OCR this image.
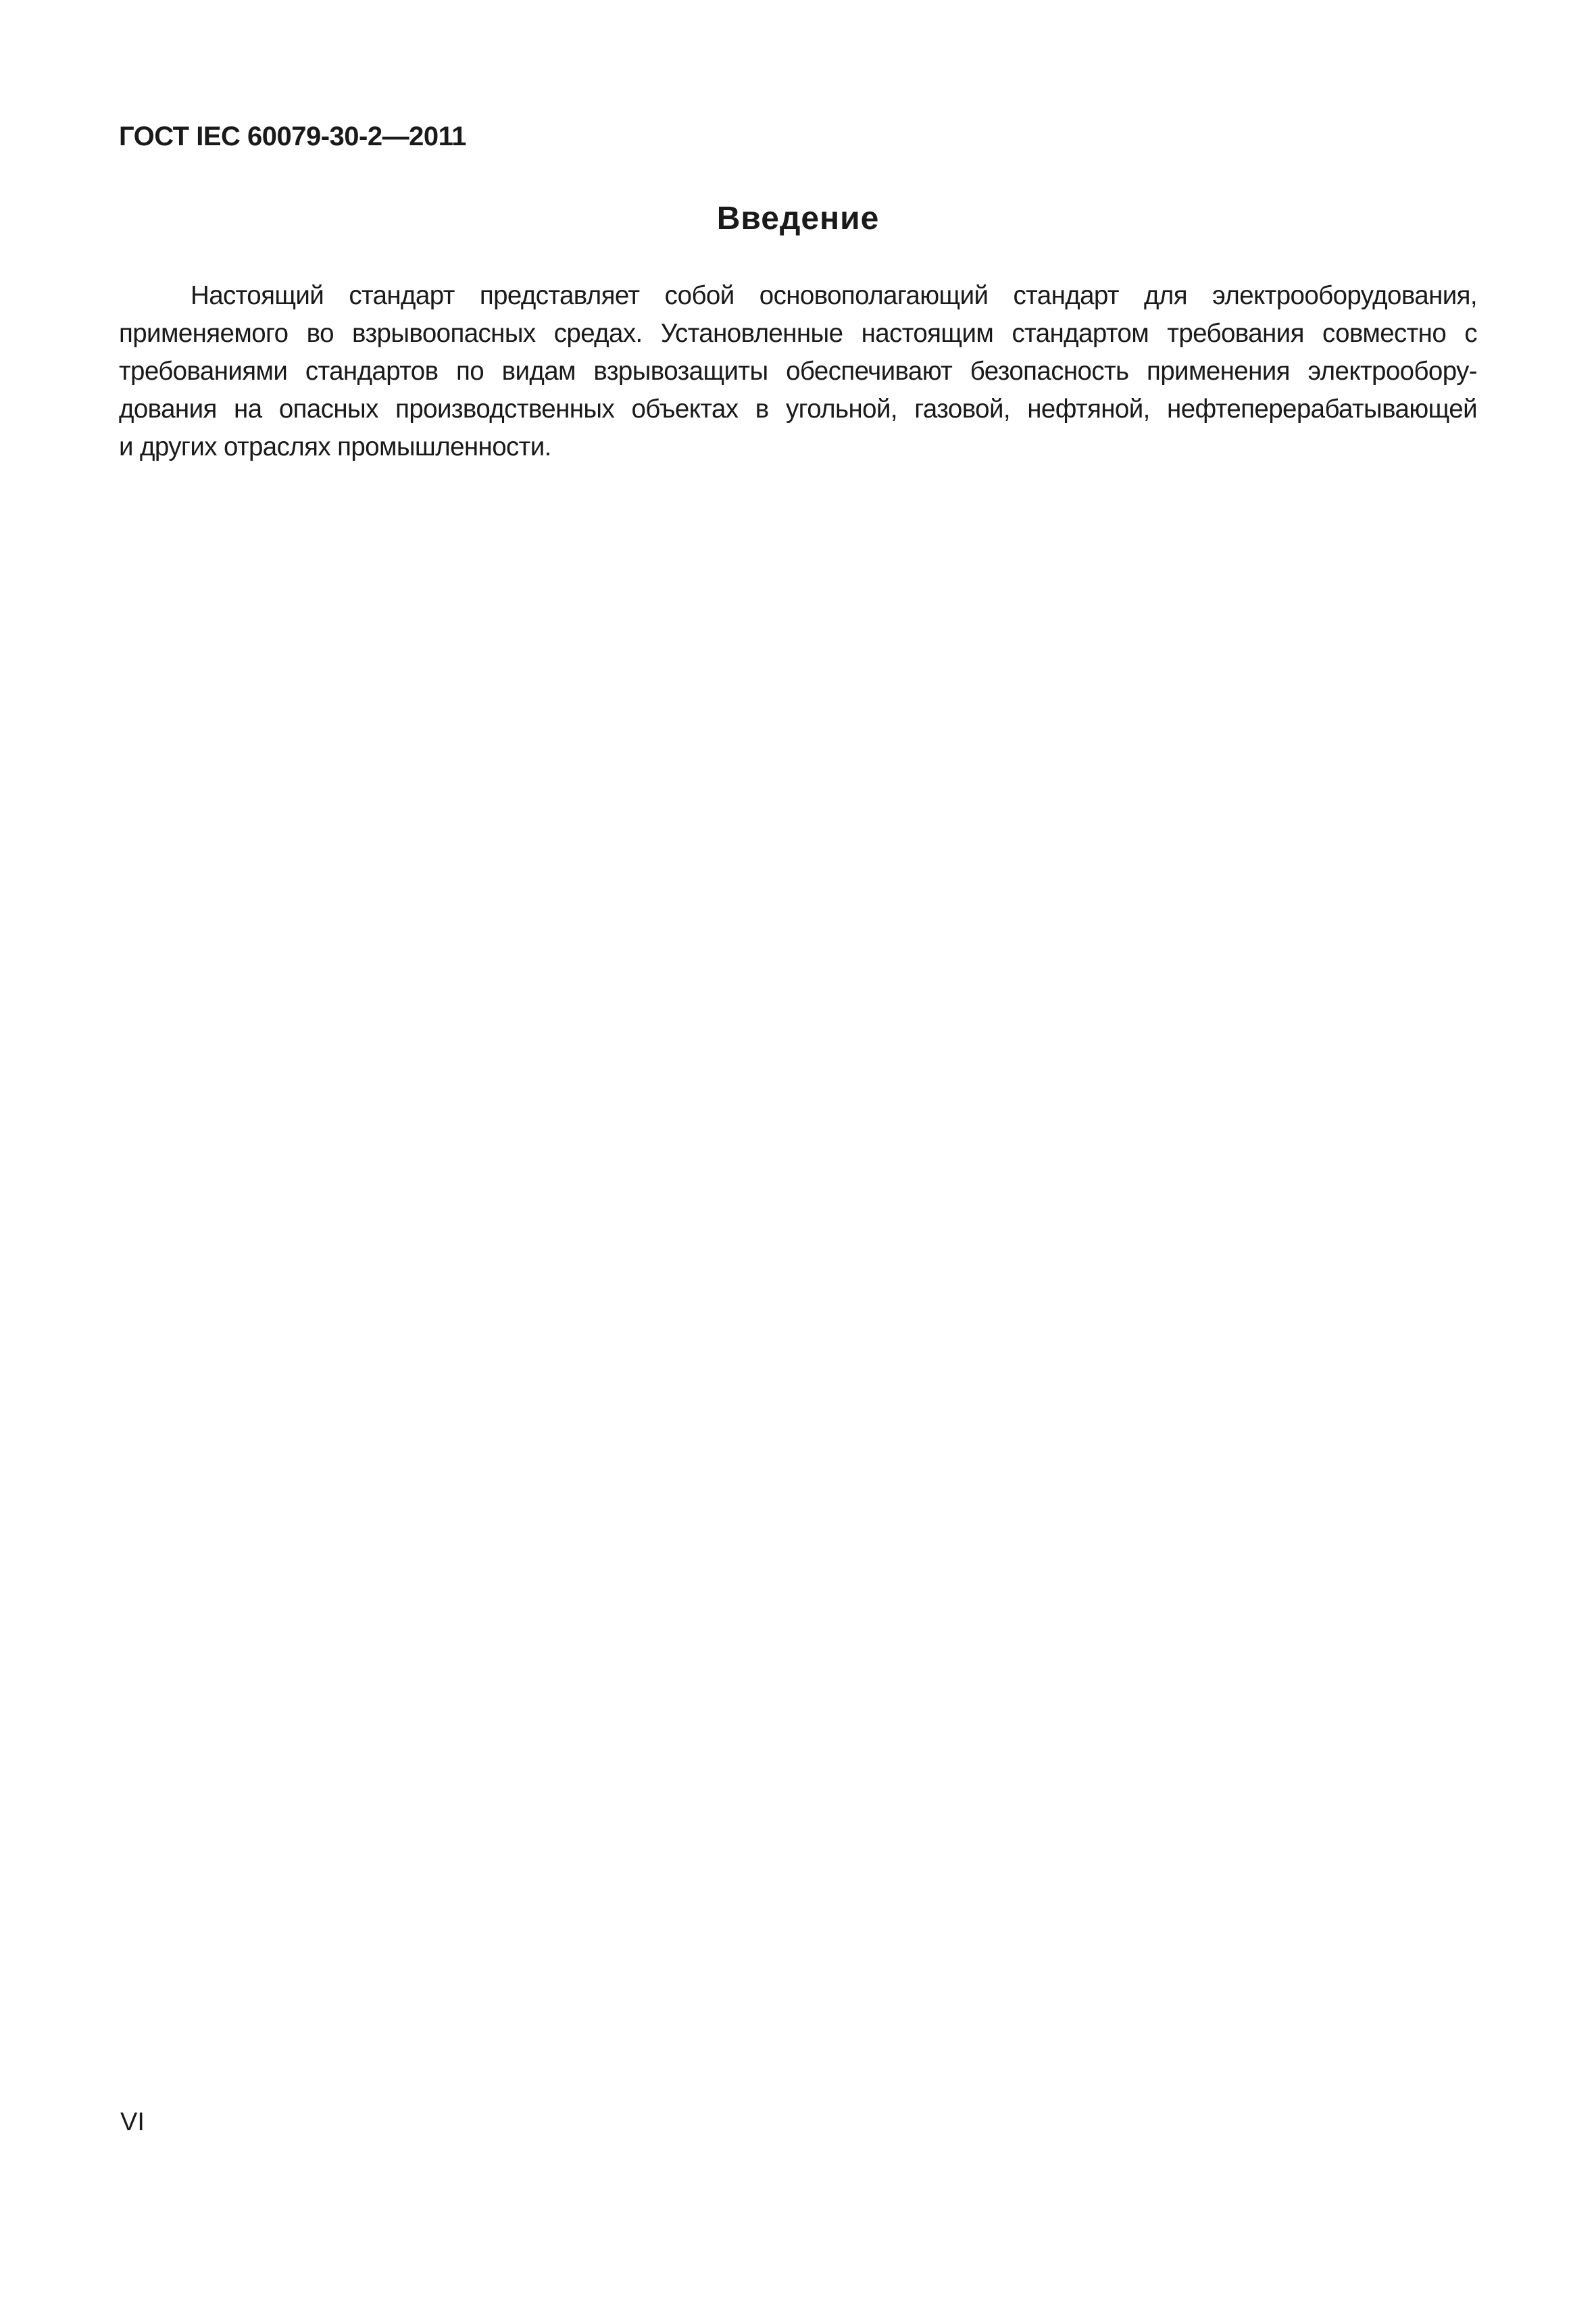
ГОСТ IEC 60079-30-2—2011
Введение
Настоящий стандарт представляет собой основополагающий стандарт для электрооборудования,
применяемого во взрывоопасных средах. Установленные настоящим стандартом требования совместно с
требованиями стандартов по видам взрывозащиты обеспечивают безопасность применения электрообору-
дования на опасных производственных объектах в угольной, газовой, нефтяной, нефтеперерабатывающей
и других отраслях промышленности.
VI
